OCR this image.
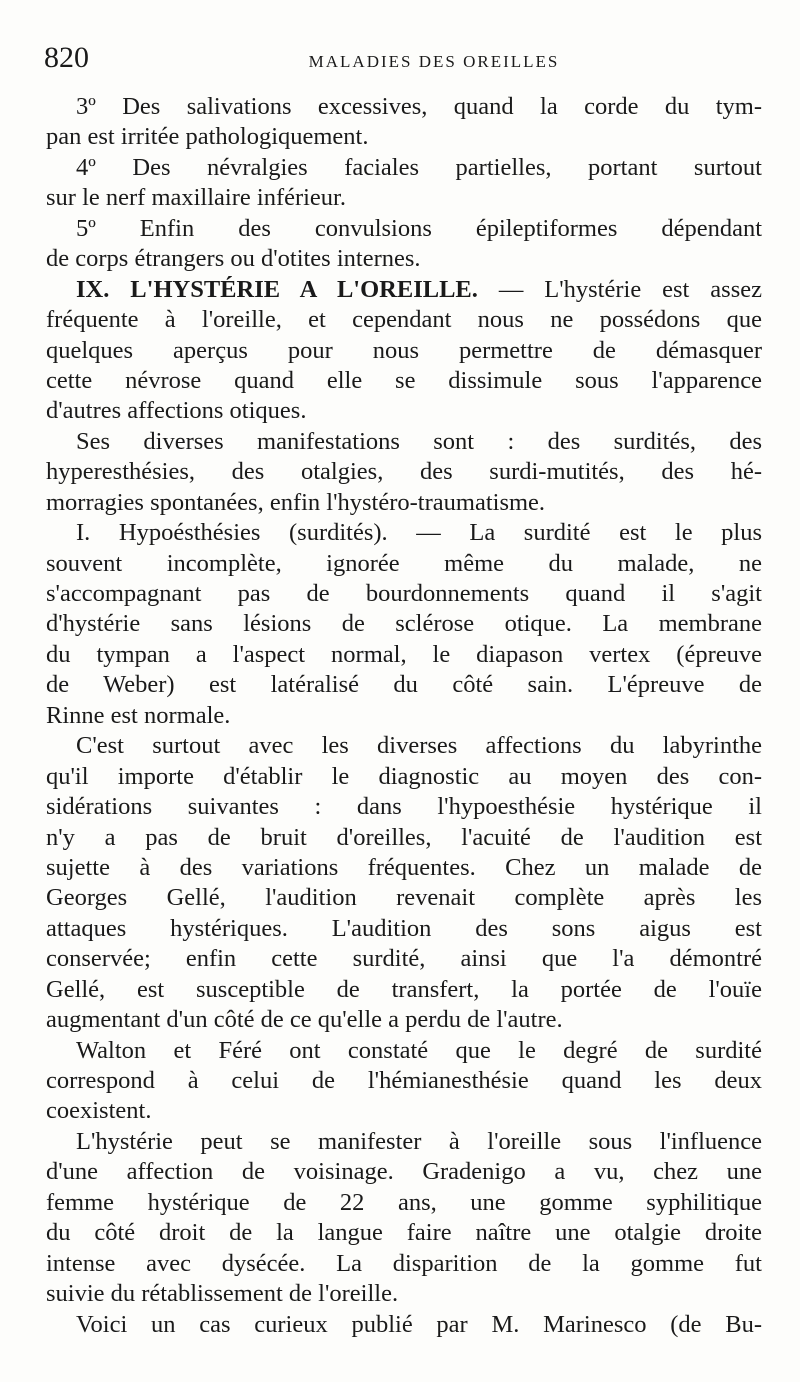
820	MALADIES DES OREILLES
3º Des salivations excessives, quand la corde du tym-
pan est irritée pathologiquement.
4º Des névralgies faciales partielles, portant surtout
sur le nerf maxillaire inférieur.
5º Enfin des convulsions épileptiformes dépendant
de corps étrangers ou d'otites internes.
IX. L'HYSTÉRIE A L'OREILLE. — L'hystérie est assez
fréquente à l'oreille, et cependant nous ne possédons que
quelques aperçus pour nous permettre de démasquer
cette névrose quand elle se dissimule sous l'apparence
d'autres affections otiques.
Ses diverses manifestations sont : des surdités, des
hyperesthésies, des otalgies, des surdi-mutités, des hé-
morragies spontanées, enfin l'hystéro-traumatisme.
I. Hypoésthésies (surdités). — La surdité est le plus
souvent incomplète, ignorée même du malade, ne
s'accompagnant pas de bourdonnements quand il s'agit
d'hystérie sans lésions de sclérose otique. La membrane
du tympan a l'aspect normal, le diapason vertex (épreuve
de Weber) est latéralisé du côté sain. L'épreuve de
Rinne est normale.
C'est surtout avec les diverses affections du labyrinthe
qu'il importe d'établir le diagnostic au moyen des con-
sidérations suivantes : dans l'hypoesthésie hystérique il
n'y a pas de bruit d'oreilles, l'acuité de l'audition est
sujette à des variations fréquentes. Chez un malade de
Georges Gellé, l'audition revenait complète après les
attaques hystériques. L'audition des sons aigus est
conservée; enfin cette surdité, ainsi que l'a démontré
Gellé, est susceptible de transfert, la portée de l'ouïe
augmentant d'un côté de ce qu'elle a perdu de l'autre.
Walton et Féré ont constaté que le degré de surdité
correspond à celui de l'hémianesthésie quand les deux
coexistent.
L'hystérie peut se manifester à l'oreille sous l'influence
d'une affection de voisinage. Gradenigo a vu, chez une
femme hystérique de 22 ans, une gomme syphilitique
du côté droit de la langue faire naître une otalgie droite
intense avec dysécée. La disparition de la gomme fut
suivie du rétablissement de l'oreille.
Voici un cas curieux publié par M. Marinesco (de Bu-
